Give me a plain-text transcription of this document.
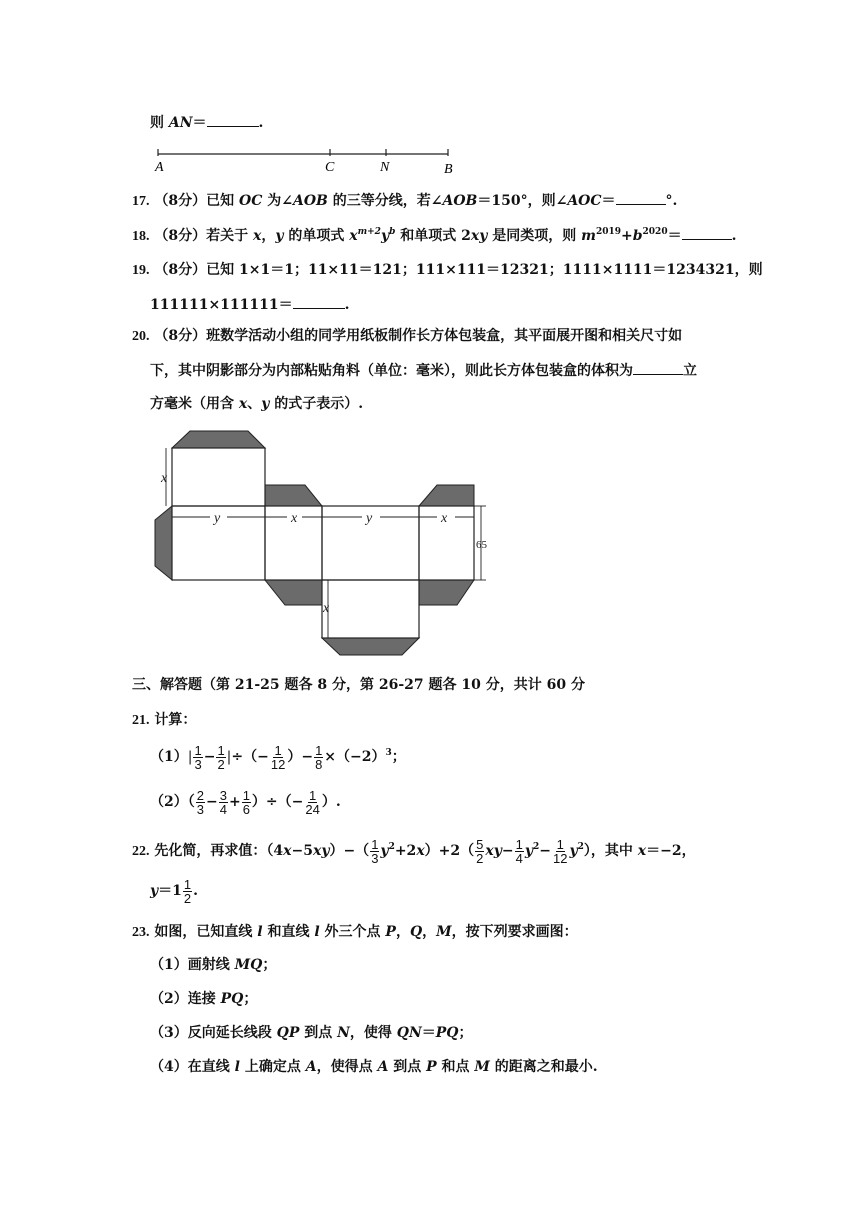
则 AN＝	.
A	C	N	B
17. （8分）已知 OC 为∠AOB 的三等分线，若∠AOB＝150°，则∠AOC＝	°.
18. （8分）若关于 x，y 的单项式 $x^{m+2}y^b$ 和单项式 2xy 是同类项，则 $m^{2019}+b^{2020}=$	.
19. （8分）已知 1×1＝1；11×11＝121；111×111＝12321；1111×1111＝1234321，则
111111×111111＝	.
20. （8分）班数学活动小组的同学用纸板制作长方体包装盒，其平面展开图和相关尺寸如
下，其中阴影部分为内部粘贴角料（单位：毫米），则此长方体包装盒的体积为	立
方毫米（用含 x、y 的式子表示）.
x
y	x	y	x
x
65
三、解答题（第 21-25 题各 8 分，第 26-27 题各 10 分，共计 60 分
21. 计算：
$(1)| \frac{1}{3} - \frac{1}{2}$ |÷（− $\frac{1}{12}$ ）− $\frac{1}{8} \times(-2)^3$；
$(2)( \frac{2}{3} - \frac{3}{4} + \frac{1}{6}$ ）÷（− $\frac{1}{24}$ ）.
22. 先化简，再求值：$(4x-5xy)-( \frac{1}{3} y^2+2x)+2( \frac{5}{2} xy- \frac{1}{4} y^2- \frac{1}{12} y^2)$，其中 x＝−2，
$y=1 \frac{1}{2}$ .
23. 如图，已知直线 l 和直线 l 外三个点 P，Q，M，按下列要求画图：
（1）画射线 MQ；
（2）连接 PQ；
（3）反向延长线段 QP 到点 N，使得 QN＝PQ；
（4）在直线 l 上确定点 A，使得点 A 到点 P 和点 M 的距离之和最小.
